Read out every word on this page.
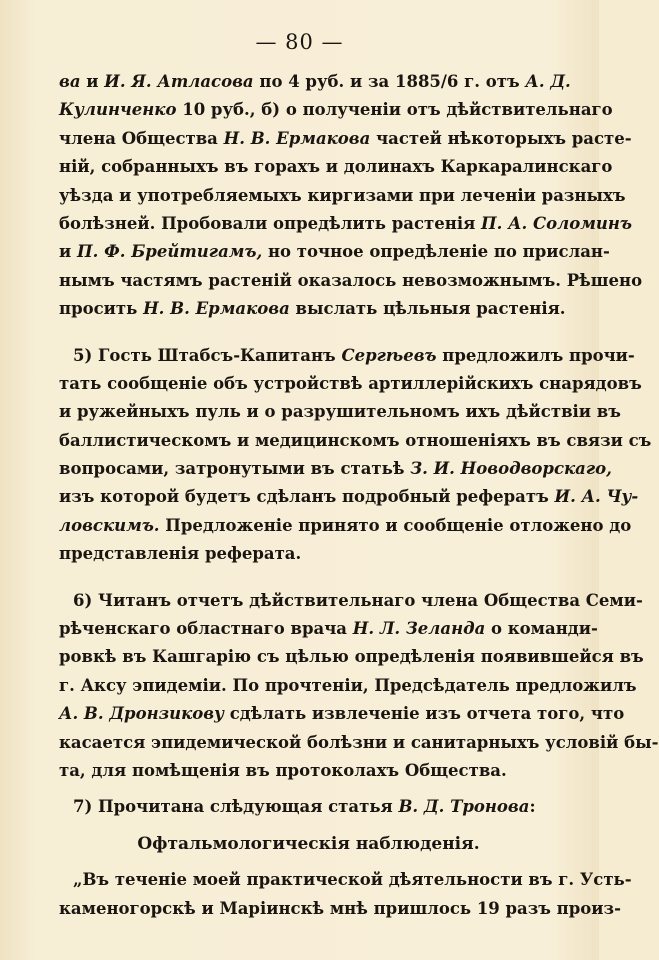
— 80 —
ва и И. Я. Атласова по 4 руб. и за 1885/6 г. отъ А. Д.
Кулинченко 10 руб., б) о полученіи отъ дѣйствительнаго
члена Общества Н. В. Ермакова частей нѣкоторыхъ расте-
ній, собранныхъ въ горахъ и долинахъ Каркаралинскаго
уѣзда и употребляемыхъ киргизами при леченіи разныхъ
болѣзней. Пробовали опредѣлить растенія П. А. Соломинъ
и П. Ф. Брейтигамъ, но точное опредѣленіе по прислан-
нымъ частямъ растеній оказалось невозможнымъ. Рѣшено
просить Н. В. Ермакова выслать цѣльныя растенія.
5) Гость Штабсъ-Капитанъ Сергѣевъ предложилъ прочи-
тать сообщеніе объ устройствѣ артиллерійскихъ снарядовъ
и ружейныхъ пуль и о разрушительномъ ихъ дѣйствіи въ
баллистическомъ и медицинскомъ отношеніяхъ въ связи съ
вопросами, затронутыми въ статьѣ З. И. Новодворскаго,
изъ которой будетъ сдѣланъ подробный рефератъ И. А. Чу-
ловскимъ. Предложеніе принято и сообщеніе отложено до
представленія реферата.
6) Читанъ отчетъ дѣйствительнаго члена Общества Семи-
рѣченскаго областнаго врача Н. Л. Зеланда о команди-
ровкѣ въ Кашгарію съ цѣлью опредѣленія появившейся въ
г. Аксу эпидеміи. По прочтеніи, Предсѣдатель предложилъ
А. В. Дронзикову сдѣлать извлеченіе изъ отчета того, что
касается эпидемической болѣзни и санитарныхъ условій бы-
та, для помѣщенія въ протоколахъ Общества.
7) Прочитана слѣдующая статья В. Д. Тронова:
Офтальмологическія наблюденія.
„Въ теченіе моей практической дѣятельности въ г. Усть-
каменогорскѣ и Маріинскѣ мнѣ пришлось 19 разъ произ-
